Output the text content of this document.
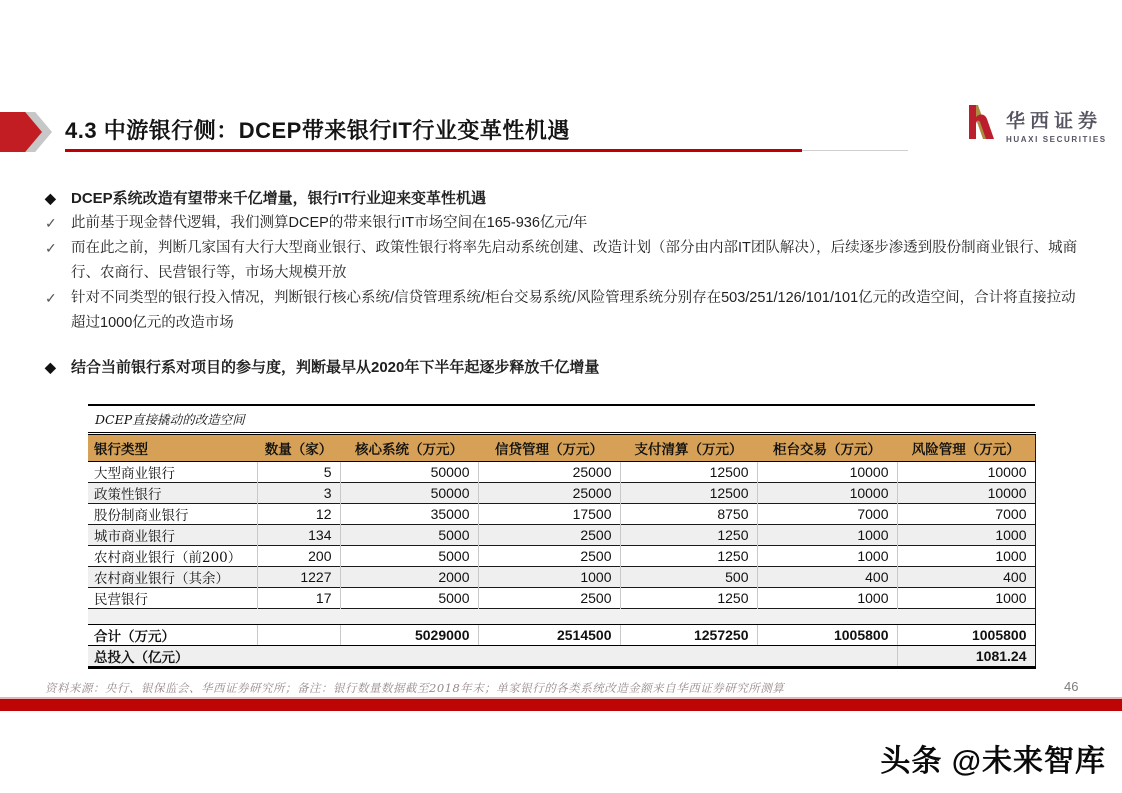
4.3 中游银行侧：DCEP带来银行IT行业变革性机遇	华西证券
HUAXI SECURITIES
◆	DCEP系统改造有望带来千亿增量，银行IT行业迎来变革性机遇
✓ 此前基于现金替代逻辑，我们测算DCEP的带来银行IT市场空间在165-936亿元/年
✓ 而在此之前，判断几家国有大行大型商业银行、政策性银行将率先启动系统创建、改造计划（部分由内部IT团队解决），后续逐步渗透到股份制商业银行、城商行、农商行、民营银行等，市场大规模开放
✓ 针对不同类型的银行投入情况，判断银行核心系统/信贷管理系统/柜台交易系统/风险管理系统分别存在503/251/126/101/101亿元的改造空间，合计将直接拉动超过1000亿元的改造市场
◆	结合当前银行系对项目的参与度，判断最早从2020年下半年起逐步释放千亿增量
DCEP直接撬动的改造空间
银行类型	数量（家）	核心系统（万元）	信贷管理（万元）	支付清算（万元）	柜台交易（万元）	风险管理（万元）
大型商业银行	5	50000	25000	12500	10000	10000
政策性银行	3	50000	25000	12500	10000	10000
股份制商业银行	12	35000	17500	8750	7000	7000
城市商业银行	134	5000	2500	1250	1000	1000
农村商业银行（前200）	200	5000	2500	1250	1000	1000
农村商业银行（其余）	1227	2000	1000	500	400	400
民营银行	17	5000	2500	1250	1000	1000

合计（万元）		5029000	2514500	1257250	1005800	1005800
总投入（亿元）						1081.24
资料来源：央行、银保监会、华西证券研究所；备注：银行数量数据截至2018年末；单家银行的各类系统改造金额来自华西证券研究所测算	46
头条 @未来智库
